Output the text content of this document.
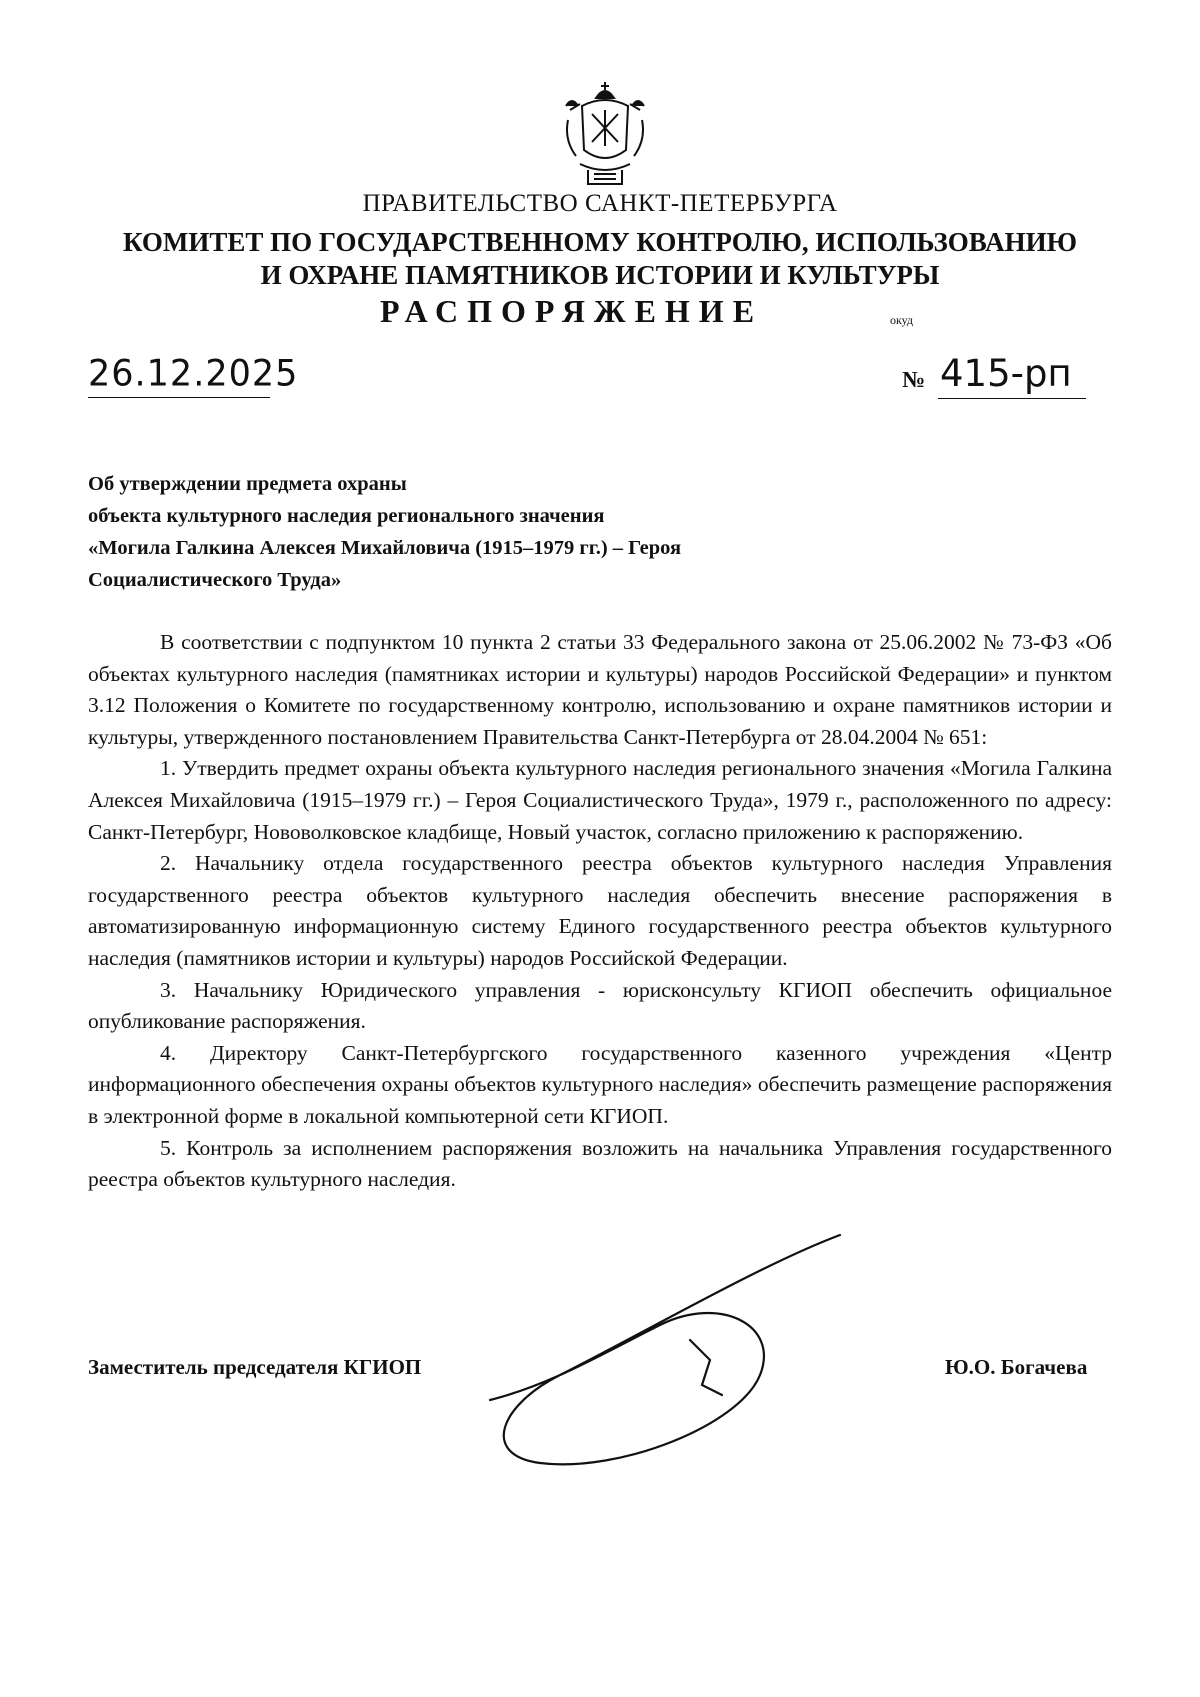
ПРАВИТЕЛЬСТВО САНКТ-ПЕТЕРБУРГА
КОМИТЕТ ПО ГОСУДАРСТВЕННОМУ КОНТРОЛЮ, ИСПОЛЬЗОВАНИЮ
И ОХРАНЕ ПАМЯТНИКОВ ИСТОРИИ И КУЛЬТУРЫ
РАСПОРЯЖЕНИЕ	окуд
26.12.2025	№ 415-рп
Об утверждении предмета охраны
объекта культурного наследия регионального значения
«Могила Галкина Алексея Михайловича (1915–1979 гг.) – Героя
Социалистического Труда»

В соответствии с подпунктом 10 пункта 2 статьи 33 Федерального закона от 25.06.2002 № 73-ФЗ «Об объектах культурного наследия (памятниках истории и культуры) народов Российской Федерации» и пунктом 3.12 Положения о Комитете по государственному контролю, использованию и охране памятников истории и культуры, утвержденного постановлением Правительства Санкт-Петербурга от 28.04.2004 № 651:

1. Утвердить предмет охраны объекта культурного наследия регионального значения «Могила Галкина Алексея Михайловича (1915–1979 гг.) – Героя Социалистического Труда», 1979 г., расположенного по адресу: Санкт-Петербург, Нововолковское кладбище, Новый участок, согласно приложению к распоряжению.

2. Начальнику отдела государственного реестра объектов культурного наследия Управления государственного реестра объектов культурного наследия обеспечить внесение распоряжения в автоматизированную информационную систему Единого государственного реестра объектов культурного наследия (памятников истории и культуры) народов Российской Федерации.

3. Начальнику Юридического управления - юрисконсульту КГИОП обеспечить официальное опубликование распоряжения.

4. Директору Санкт-Петербургского государственного казенного учреждения «Центр информационного обеспечения охраны объектов культурного наследия» обеспечить размещение распоряжения в электронной форме в локальной компьютерной сети КГИОП.

5. Контроль за исполнением распоряжения возложить на начальника Управления государственного реестра объектов культурного наследия.

Заместитель председателя КГИОП	Ю.О. Богачева
